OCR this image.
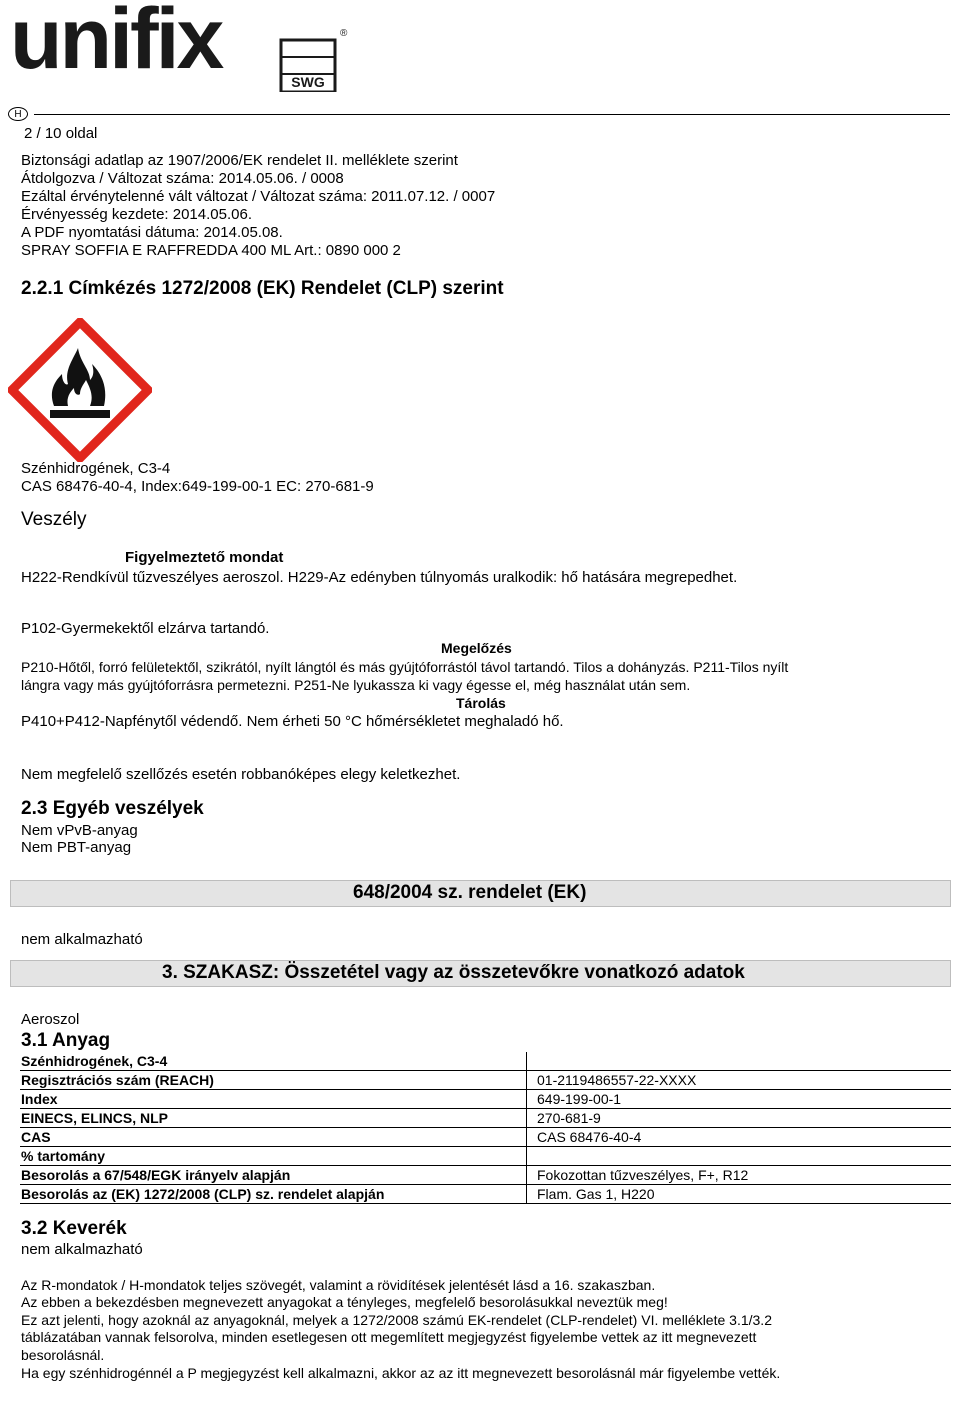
unifix	SWG
®
H
2 / 10 oldal
Biztonsági adatlap az 1907/2006/EK rendelet II. melléklete szerint
Átdolgozva / Változat száma: 2014.05.06. / 0008
Ezáltal érvénytelenné vált változat / Változat száma: 2011.07.12. / 0007
Érvényesség kezdete: 2014.05.06.
A PDF nyomtatási dátuma: 2014.05.08.
SPRAY SOFFIA E RAFFREDDA 400 ML Art.: 0890 000 2
2.2.1 Címkézés 1272/2008 (EK) Rendelet (CLP) szerint
Szénhidrogének, C3-4
CAS 68476-40-4, Index:649-199-00-1 EC: 270-681-9
Veszély
Figyelmeztető mondat
H222-Rendkívül tűzveszélyes aeroszol. H229-Az edényben túlnyomás uralkodik: hő hatására megrepedhet.
P102-Gyermekektől elzárva tartandó.
Megelőzés
P210-Hőtől, forró felületektől, szikrától, nyílt lángtól és más gyújtóforrástól távol tartandó. Tilos a dohányzás. P211-Tilos nyílt
lángra vagy más gyújtóforrásra permetezni. P251-Ne lyukassza ki vagy égesse el, még használat után sem.
Tárolás
P410+P412-Napfénytől védendő. Nem érheti 50 °C hőmérsékletet meghaladó hő.
Nem megfelelő szellőzés esetén robbanóképes elegy keletkezhet.
2.3 Egyéb veszélyek
Nem vPvB-anyag
Nem PBT-anyag
648/2004 sz. rendelet (EK)
nem alkalmazható
3. SZAKASZ: Összetétel vagy az összetevőkre vonatkozó adatok
Aeroszol
3.1 Anyag
Szénhidrogének, C3-4	
Regisztrációs szám (REACH)	01-2119486557-22-XXXX
Index	649-199-00-1
EINECS, ELINCS, NLP	270-681-9
CAS	CAS 68476-40-4
% tartomány	
Besorolás a 67/548/EGK irányelv alapján	Fokozottan tűzveszélyes, F+, R12
Besorolás az (EK) 1272/2008 (CLP) sz. rendelet alapján	Flam. Gas 1, H220
3.2 Keverék
nem alkalmazható
Az R-mondatok / H-mondatok teljes szövegét, valamint a rövidítések jelentését lásd a 16. szakaszban.
Az ebben a bekezdésben megnevezett anyagokat a tényleges, megfelelő besorolásukkal neveztük meg!
Ez azt jelenti, hogy azoknál az anyagoknál, melyek a 1272/2008 számú EK-rendelet (CLP-rendelet) VI. melléklete 3.1/3.2
táblázatában vannak felsorolva, minden esetlegesen ott megemlített megjegyzést figyelembe vettek az itt megnevezett
besorolásnál.
Ha egy szénhidrogénnél a P megjegyzést kell alkalmazni, akkor az az itt megnevezett besorolásnál már figyelembe vették.
